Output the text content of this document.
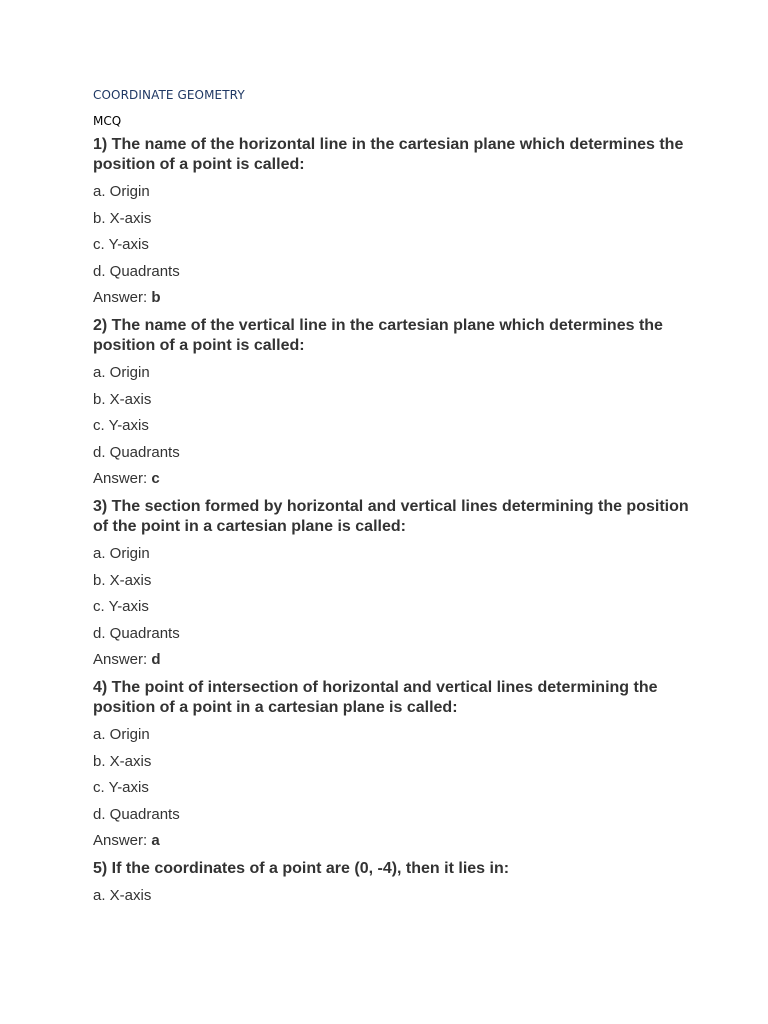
COORDINATE GEOMETRY
MCQ
1) The name of the horizontal line in the cartesian plane which determines the position of a point is called:
a. Origin
b. X-axis
c. Y-axis
d. Quadrants
Answer: b
2) The name of the vertical line in the cartesian plane which determines the position of a point is called:
a. Origin
b. X-axis
c. Y-axis
d. Quadrants
Answer: c
3) The section formed by horizontal and vertical lines determining the position of the point in a cartesian plane is called:
a. Origin
b. X-axis
c. Y-axis
d. Quadrants
Answer: d
4) The point of intersection of horizontal and vertical lines determining the position of a point in a cartesian plane is called:
a. Origin
b. X-axis
c. Y-axis
d. Quadrants
Answer: a
5) If the coordinates of a point are (0, -4), then it lies in:
a. X-axis
